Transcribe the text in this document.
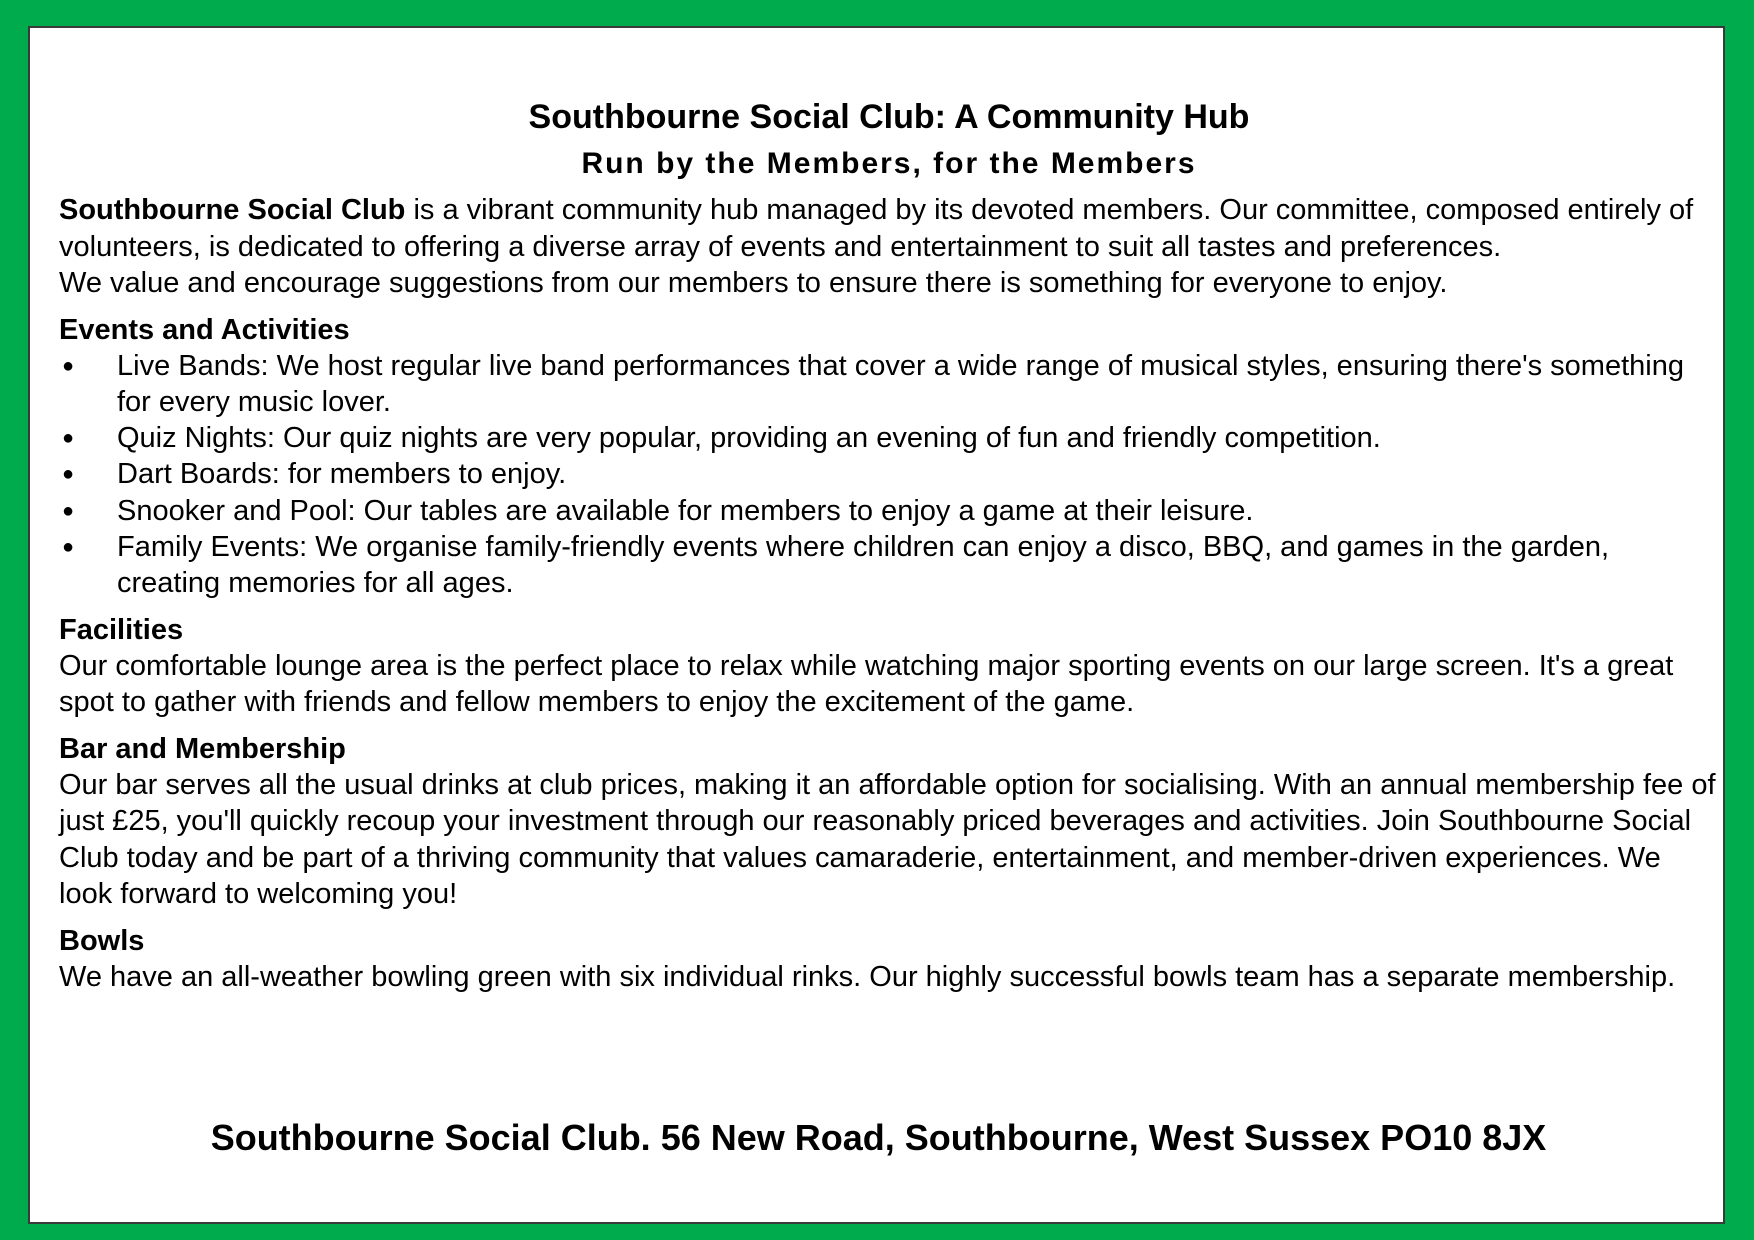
Southbourne Social Club: A Community Hub
Run by the Members, for the Members

Southbourne Social Club is a vibrant community hub managed by its devoted members. Our committee, composed entirely of volunteers, is dedicated to offering a diverse array of events and entertainment to suit all tastes and preferences.

We value and encourage suggestions from our members to ensure there is something for everyone to enjoy.

Events and Activities
● Live Bands: We host regular live band performances that cover a wide range of musical styles, ensuring there's something for every music lover.
● Quiz Nights: Our quiz nights are very popular, providing an evening of fun and friendly competition.
● Dart Boards: for members to enjoy.
● Snooker and Pool: Our tables are available for members to enjoy a game at their leisure.
● Family Events: We organise family-friendly events where children can enjoy a disco, BBQ, and games in the garden, creating memories for all ages.
Facilities

Our comfortable lounge area is the perfect place to relax while watching major sporting events on our large screen. It's a great spot to gather with friends and fellow members to enjoy the excitement of the game.

Bar and Membership

Our bar serves all the usual drinks at club prices, making it an affordable option for socialising. With an annual membership fee of just £25, you'll quickly recoup your investment through our reasonably priced beverages and activities. Join Southbourne Social Club today and be part of a thriving community that values camaraderie, entertainment, and member-driven experiences. We look forward to welcoming you!

Bowls

We have an all-weather bowling green with six individual rinks. Our highly successful bowls team has a separate membership.

Southbourne Social Club. 56 New Road, Southbourne, West Sussex PO10 8JX
